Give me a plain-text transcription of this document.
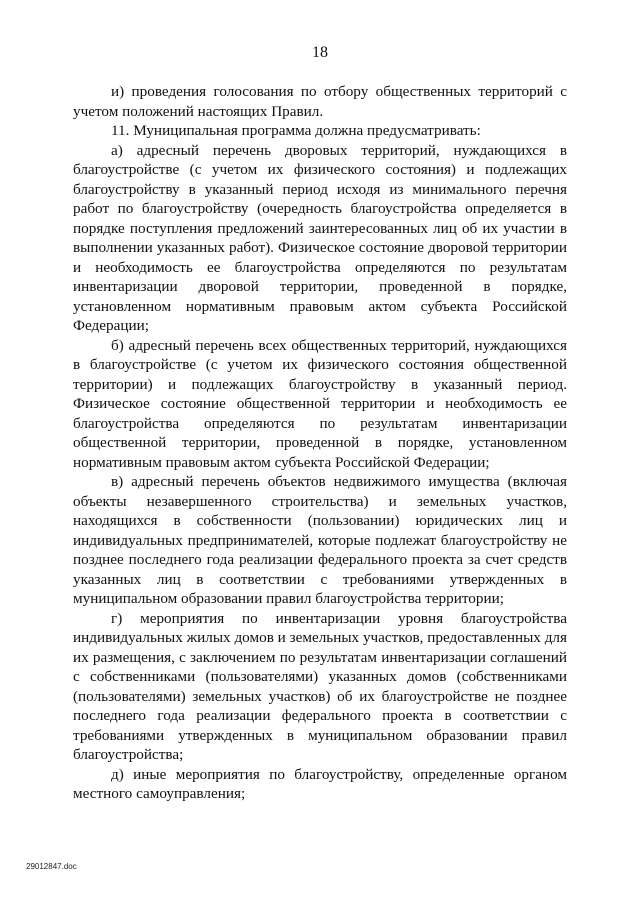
18

и) проведения голосования по отбору общественных территорий с учетом положений настоящих Правил.

11. Муниципальная программа должна предусматривать:

а) адресный перечень дворовых территорий, нуждающихся в благоустройстве (с учетом их физического состояния) и подлежащих благоустройству в указанный период исходя из минимального перечня работ по благоустройству (очередность благоустройства определяется в порядке поступления предложений заинтересованных лиц об их участии в выполнении указанных работ). Физическое состояние дворовой территории и необходимость ее благоустройства определяются по результатам инвентаризации дворовой территории, проведенной в порядке, установленном нормативным правовым актом субъекта Российской Федерации;

б) адресный перечень всех общественных территорий, нуждающихся в благоустройстве (с учетом их физического состояния общественной территории) и подлежащих благоустройству в указанный период. Физическое состояние общественной территории и необходимость ее благоустройства определяются по результатам инвентаризации общественной территории, проведенной в порядке, установленном нормативным правовым актом субъекта Российской Федерации;

в) адресный перечень объектов недвижимого имущества (включая объекты незавершенного строительства) и земельных участков, находящихся в собственности (пользовании) юридических лиц и индивидуальных предпринимателей, которые подлежат благоустройству не позднее последнего года реализации федерального проекта за счет средств указанных лиц в соответствии с требованиями утвержденных в муниципальном образовании правил благоустройства территории;

г) мероприятия по инвентаризации уровня благоустройства индивидуальных жилых домов и земельных участков, предоставленных для их размещения, с заключением по результатам инвентаризации соглашений с собственниками (пользователями) указанных домов (собственниками (пользователями) земельных участков) об их благоустройстве не позднее последнего года реализации федерального проекта в соответствии с требованиями утвержденных в муниципальном образовании правил благоустройства;

д) иные мероприятия по благоустройству, определенные органом местного самоуправления;

29012847.doc
